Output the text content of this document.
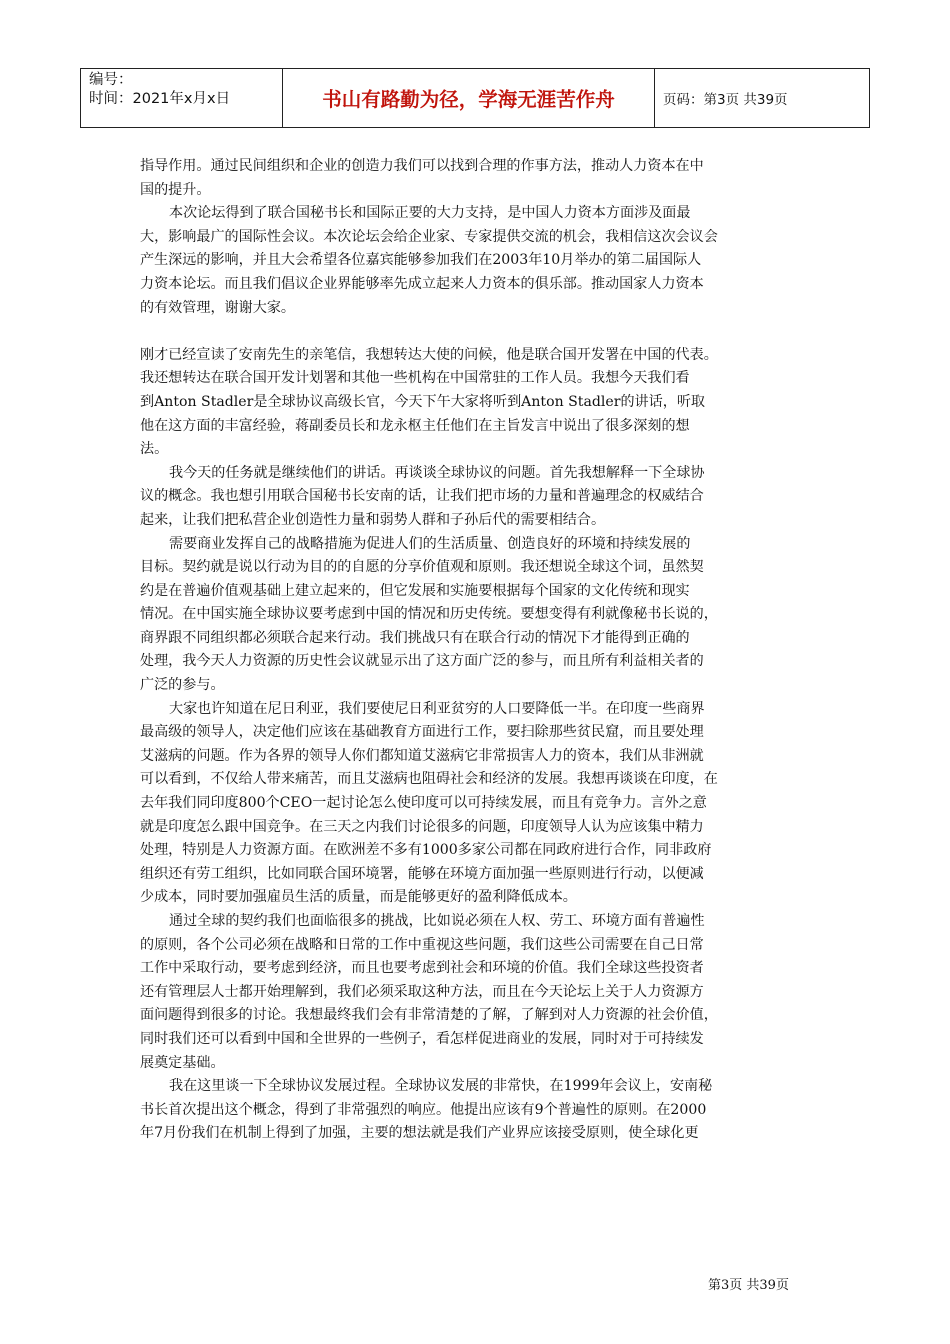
编号：
时间：2021年x月x日	书山有路勤为径，学海无涯苦作舟	页码：第3页 共39页
指导作用。通过民间组织和企业的创造力我们可以找到合理的作事方法，推动人力资本在中
国的提升。
本次论坛得到了联合国秘书长和国际正要的大力支持，是中国人力资本方面涉及面最
大，影响最广的国际性会议。本次论坛会给企业家、专家提供交流的机会，我相信这次会议会
产生深远的影响，并且大会希望各位嘉宾能够参加我们在2003年10月举办的第二届国际人
力资本论坛。而且我们倡议企业界能够率先成立起来人力资本的俱乐部。推动国家人力资本
的有效管理，谢谢大家。
刚才已经宣读了安南先生的亲笔信，我想转达大使的问候，他是联合国开发署在中国的代表。
我还想转达在联合国开发计划署和其他一些机构在中国常驻的工作人员。我想今天我们看
到Anton Stadler是全球协议高级长官，今天下午大家将听到Anton Stadler的讲话，听取
他在这方面的丰富经验，蒋副委员长和龙永枢主任他们在主旨发言中说出了很多深刻的想
法。
我今天的任务就是继续他们的讲话。再谈谈全球协议的问题。首先我想解释一下全球协
议的概念。我也想引用联合国秘书长安南的话，让我们把市场的力量和普遍理念的权威结合
起来，让我们把私营企业创造性力量和弱势人群和子孙后代的需要相结合。
需要商业发挥自己的战略措施为促进人们的生活质量、创造良好的环境和持续发展的
目标。契约就是说以行动为目的的自愿的分享价值观和原则。我还想说全球这个词，虽然契
约是在普遍价值观基础上建立起来的，但它发展和实施要根据每个国家的文化传统和现实
情况。在中国实施全球协议要考虑到中国的情况和历史传统。要想变得有利就像秘书长说的，
商界跟不同组织都必须联合起来行动。我们挑战只有在联合行动的情况下才能得到正确的
处理，我今天人力资源的历史性会议就显示出了这方面广泛的参与，而且所有利益相关者的
广泛的参与。
大家也许知道在尼日利亚，我们要使尼日利亚贫穷的人口要降低一半。在印度一些商界
最高级的领导人，决定他们应该在基础教育方面进行工作，要扫除那些贫民窟，而且要处理
艾滋病的问题。作为各界的领导人你们都知道艾滋病它非常损害人力的资本，我们从非洲就
可以看到，不仅给人带来痛苦，而且艾滋病也阻碍社会和经济的发展。我想再谈谈在印度，在
去年我们同印度800个CEO一起讨论怎么使印度可以可持续发展，而且有竞争力。言外之意
就是印度怎么跟中国竞争。在三天之内我们讨论很多的问题，印度领导人认为应该集中精力
处理，特别是人力资源方面。在欧洲差不多有1000多家公司都在同政府进行合作，同非政府
组织还有劳工组织，比如同联合国环境署，能够在环境方面加强一些原则进行行动，以便减
少成本，同时要加强雇员生活的质量，而是能够更好的盈利降低成本。
通过全球的契约我们也面临很多的挑战，比如说必须在人权、劳工、环境方面有普遍性
的原则，各个公司必须在战略和日常的工作中重视这些问题，我们这些公司需要在自己日常
工作中采取行动，要考虑到经济，而且也要考虑到社会和环境的价值。我们全球这些投资者
还有管理层人士都开始理解到，我们必须采取这种方法，而且在今天论坛上关于人力资源方
面问题得到很多的讨论。我想最终我们会有非常清楚的了解，了解到对人力资源的社会价值，
同时我们还可以看到中国和全世界的一些例子，看怎样促进商业的发展，同时对于可持续发
展奠定基础。
我在这里谈一下全球协议发展过程。全球协议发展的非常快，在1999年会议上，安南秘
书长首次提出这个概念，得到了非常强烈的响应。他提出应该有9个普遍性的原则。在2000
年7月份我们在机制上得到了加强，主要的想法就是我们产业界应该接受原则，使全球化更
第3页 共39页
